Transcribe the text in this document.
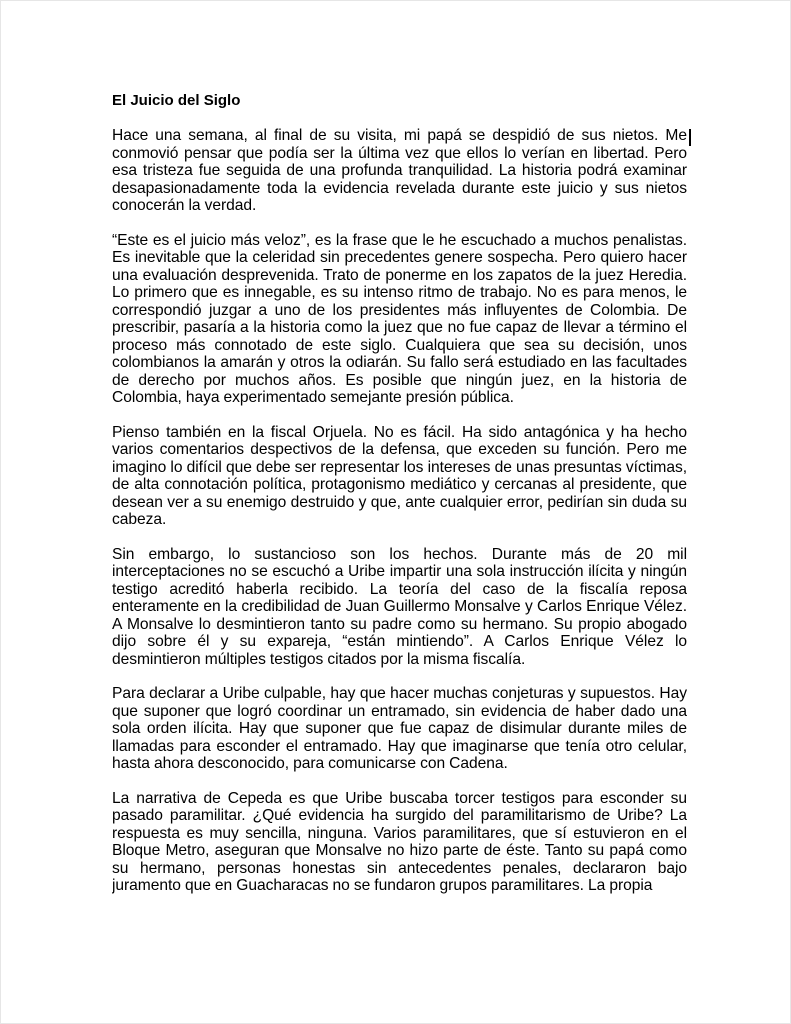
El Juicio del Siglo

Hace una semana, al final de su visita, mi papá se despidió de sus nietos. Me conmovió pensar que podía ser la última vez que ellos lo verían en libertad. Pero esa tristeza fue seguida de una profunda tranquilidad. La historia podrá examinar desapasionadamente toda la evidencia revelada durante este juicio y sus nietos conocerán la verdad.

“Este es el juicio más veloz”, es la frase que le he escuchado a muchos penalistas. Es inevitable que la celeridad sin precedentes genere sospecha. Pero quiero hacer una evaluación desprevenida. Trato de ponerme en los zapatos de la juez Heredia. Lo primero que es innegable, es su intenso ritmo de trabajo. No es para menos, le correspondió juzgar a uno de los presidentes más influyentes de Colombia. De prescribir, pasaría a la historia como la juez que no fue capaz de llevar a término el proceso más connotado de este siglo. Cualquiera que sea su decisión, unos colombianos la amarán y otros la odiarán. Su fallo será estudiado en las facultades de derecho por muchos años. Es posible que ningún juez, en la historia de Colombia, haya experimentado semejante presión pública.

Pienso también en la fiscal Orjuela. No es fácil. Ha sido antagónica y ha hecho varios comentarios despectivos de la defensa, que exceden su función. Pero me imagino lo difícil que debe ser representar los intereses de unas presuntas víctimas, de alta connotación política, protagonismo mediático y cercanas al presidente, que desean ver a su enemigo destruido y que, ante cualquier error, pedirían sin duda su cabeza.

Sin embargo, lo sustancioso son los hechos. Durante más de 20 mil interceptaciones no se escuchó a Uribe impartir una sola instrucción ilícita y ningún testigo acreditó haberla recibido. La teoría del caso de la fiscalía reposa enteramente en la credibilidad de Juan Guillermo Monsalve y Carlos Enrique Vélez. A Monsalve lo desmintieron tanto su padre como su hermano. Su propio abogado dijo sobre él y su expareja, “están mintiendo”. A Carlos Enrique Vélez lo desmintieron múltiples testigos citados por la misma fiscalía.

Para declarar a Uribe culpable, hay que hacer muchas conjeturas y supuestos. Hay que suponer que logró coordinar un entramado, sin evidencia de haber dado una sola orden ilícita. Hay que suponer que fue capaz de disimular durante miles de llamadas para esconder el entramado. Hay que imaginarse que tenía otro celular, hasta ahora desconocido, para comunicarse con Cadena.

La narrativa de Cepeda es que Uribe buscaba torcer testigos para esconder su pasado paramilitar. ¿Qué evidencia ha surgido del paramilitarismo de Uribe? La respuesta es muy sencilla, ninguna. Varios paramilitares, que sí estuvieron en el Bloque Metro, aseguran que Monsalve no hizo parte de éste. Tanto su papá como su hermano, personas honestas sin antecedentes penales, declararon bajo juramento que en Guacharacas no se fundaron grupos paramilitares. La propia
